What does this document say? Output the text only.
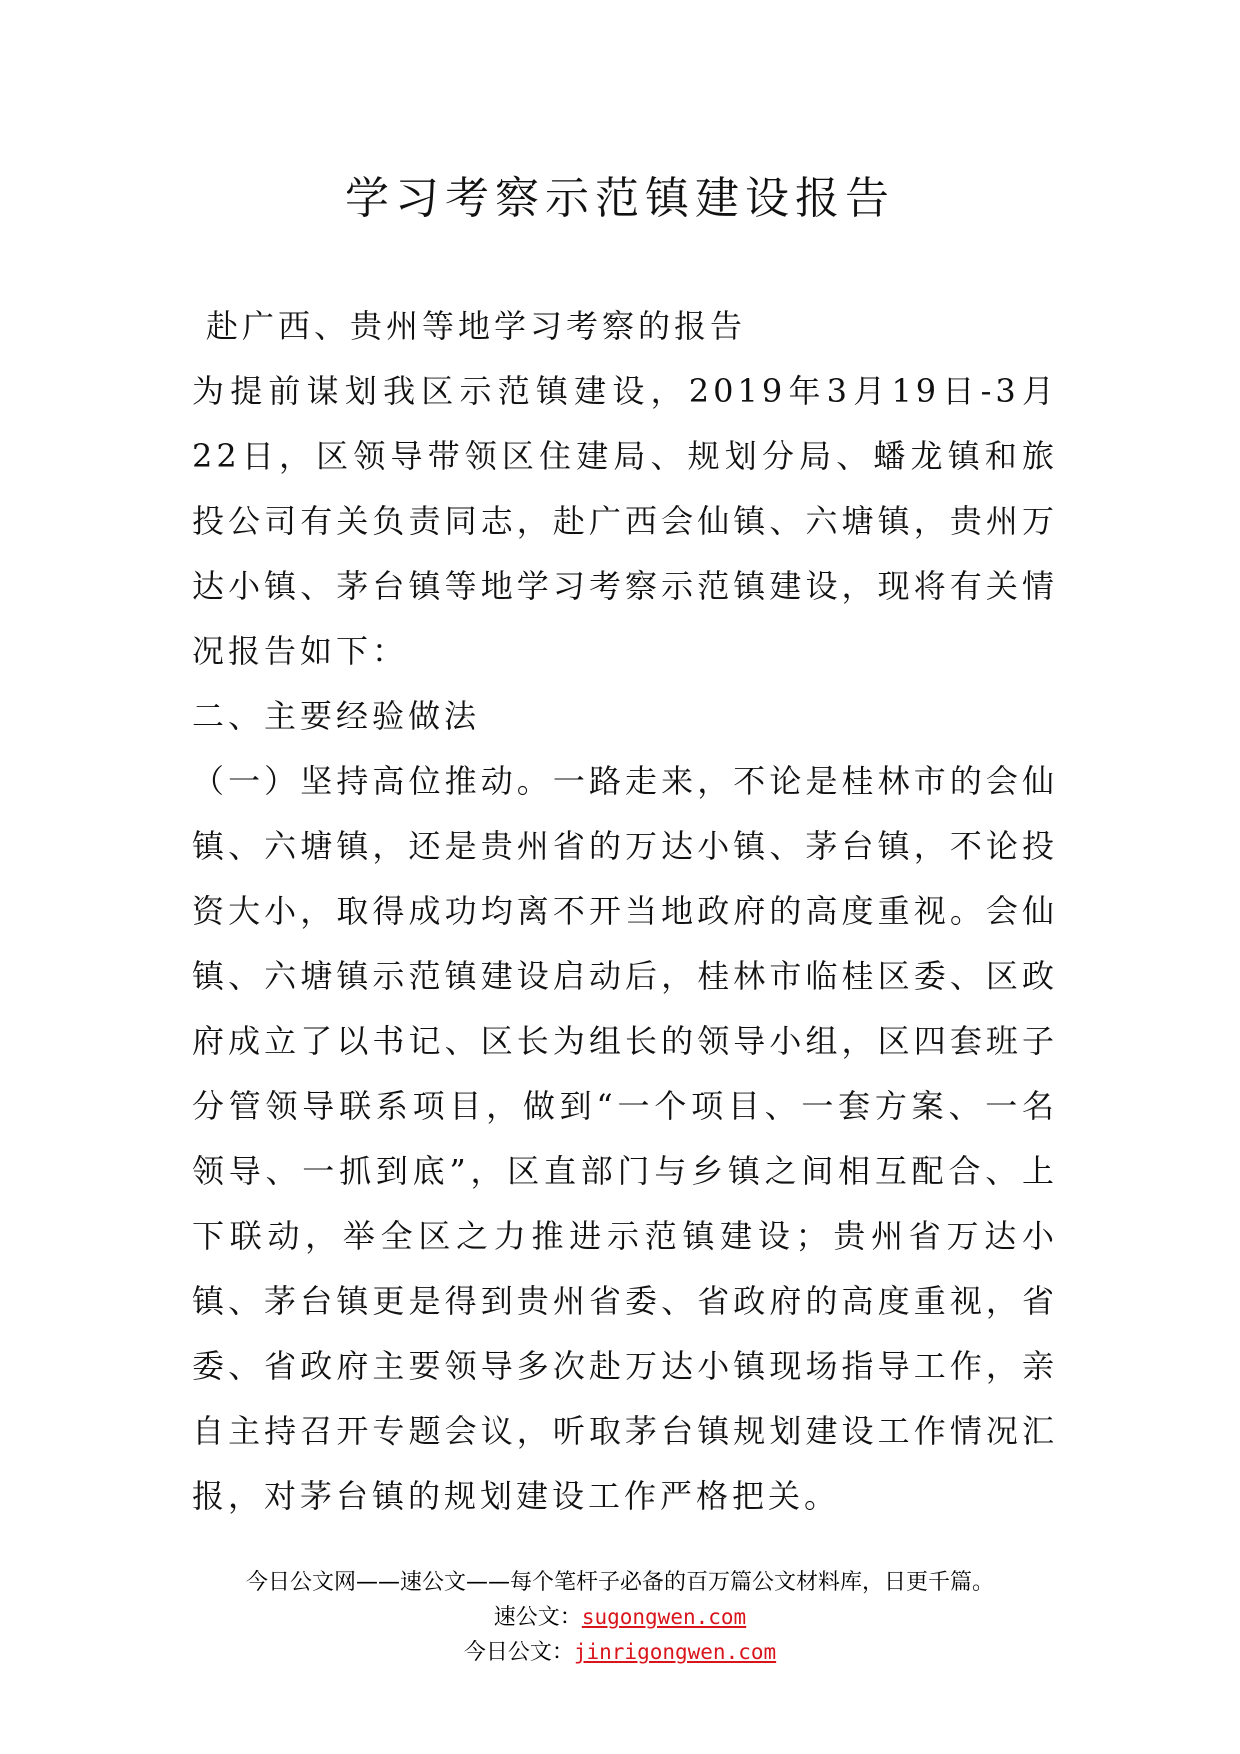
学习考察示范镇建设报告

赴广西、贵州等地学习考察的报告

为提前谋划我区示范镇建设，2019年3月19日-3月22日，区领导带领区住建局、规划分局、蟠龙镇和旅投公司有关负责同志，赴广西会仙镇、六塘镇，贵州万达小镇、茅台镇等地学习考察示范镇建设，现将有关情况报告如下：

二、主要经验做法

（一）坚持高位推动。一路走来，不论是桂林市的会仙镇、六塘镇，还是贵州省的万达小镇、茅台镇，不论投资大小，取得成功均离不开当地政府的高度重视。会仙镇、六塘镇示范镇建设启动后，桂林市临桂区委、区政府成立了以书记、区长为组长的领导小组，区四套班子分管领导联系项目，做到“一个项目、一套方案、一名领导、一抓到底”，区直部门与乡镇之间相互配合、上下联动，举全区之力推进示范镇建设；贵州省万达小镇、茅台镇更是得到贵州省委、省政府的高度重视，省委、省政府主要领导多次赴万达小镇现场指导工作，亲自主持召开专题会议，听取茅台镇规划建设工作情况汇报，对茅台镇的规划建设工作严格把关。

今日公文网——速公文——每个笔杆子必备的百万篇公文材料库，日更千篇。

速公文：sugongwen.com

今日公文：jinrigongwen.com
